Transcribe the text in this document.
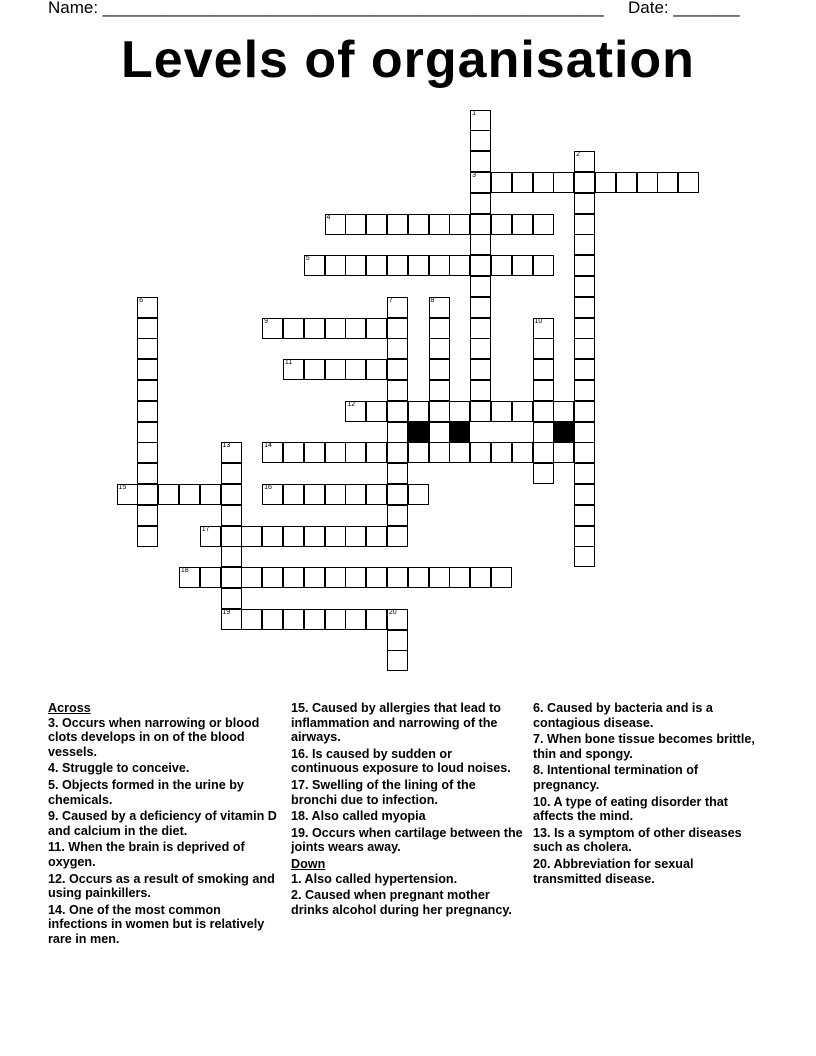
Name: _____________________________________________________ Date: _______
Levels of organisation
1
3
2
4
5
6	7	8
9	10
11
12
13
19
14
15	16
17
18
20
Across
3. Occurs when narrowing or blood clots develops in on of the blood vessels.
4. Struggle to conceive.
5. Objects formed in the urine by chemicals.
9. Caused by a deficiency of vitamin D and calcium in the diet.
11. When the brain is deprived of oxygen.
12. Occurs as a result of smoking and using painkillers.
14. One of the most common infections in women but is relatively rare in men.
15. Caused by allergies that lead to inflammation and narrowing of the airways.
16. Is caused by sudden or continuous exposure to loud noises.
17. Swelling of the lining of the bronchi due to infection.
18. Also called myopia
19. Occurs when cartilage between the joints wears away.
Down
1. Also called hypertension.
2. Caused when pregnant mother drinks alcohol during her pregnancy.
6. Caused by bacteria and is a contagious disease.
7. When bone tissue becomes brittle, thin and spongy.
8. Intentional termination of pregnancy.
10. A type of eating disorder that affects the mind.
13. Is a symptom of other diseases such as cholera.
20. Abbreviation for sexual transmitted disease.
